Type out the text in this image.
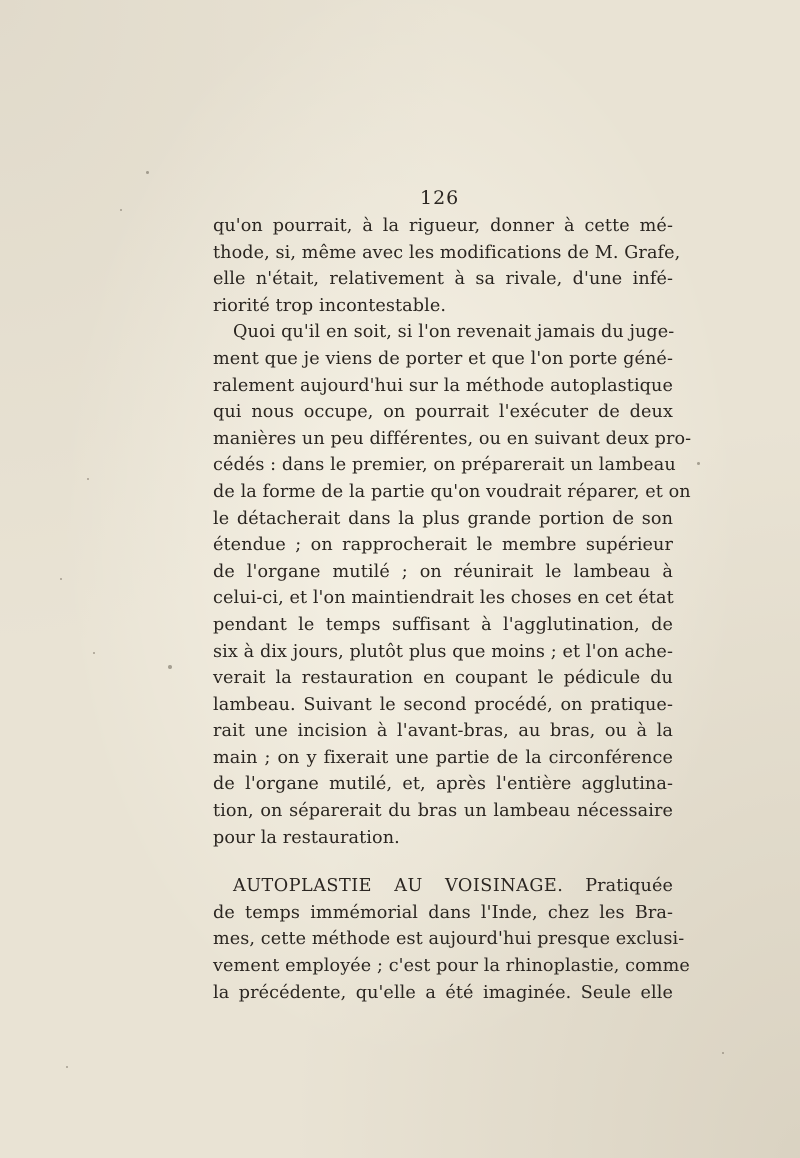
126
qu'on pourrait, à la rigueur, donner à cette mé-
thode, si, même avec les modifications de M. Grafe,
elle n'était, relativement à sa rivale, d'une infé-
riorité trop incontestable.
Quoi qu'il en soit, si l'on revenait jamais du juge-
ment que je viens de porter et que l'on porte géné-
ralement aujourd'hui sur la méthode autoplastique
qui nous occupe, on pourrait l'exécuter de deux
manières un peu différentes, ou en suivant deux pro-
cédés : dans le premier, on préparerait un lambeau
de la forme de la partie qu'on voudrait réparer, et on
le détacherait dans la plus grande portion de son
étendue ; on rapprocherait le membre supérieur
de l'organe mutilé ; on réunirait le lambeau à
celui-ci, et l'on maintiendrait les choses en cet état
pendant le temps suffisant à l'agglutination, de
six à dix jours, plutôt plus que moins ; et l'on ache-
verait la restauration en coupant le pédicule du
lambeau. Suivant le second procédé, on pratique-
rait une incision à l'avant-bras, au bras, ou à la
main ; on y fixerait une partie de la circonférence
de l'organe mutilé, et, après l'entière agglutina-
tion, on séparerait du bras un lambeau nécessaire
pour la restauration.
AUTOPLASTIE AU VOISINAGE. Pratiquée
de temps immémorial dans l'Inde, chez les Bra-
mes, cette méthode est aujourd'hui presque exclusi-
vement employée ; c'est pour la rhinoplastie, comme
la précédente, qu'elle a été imaginée. Seule elle
